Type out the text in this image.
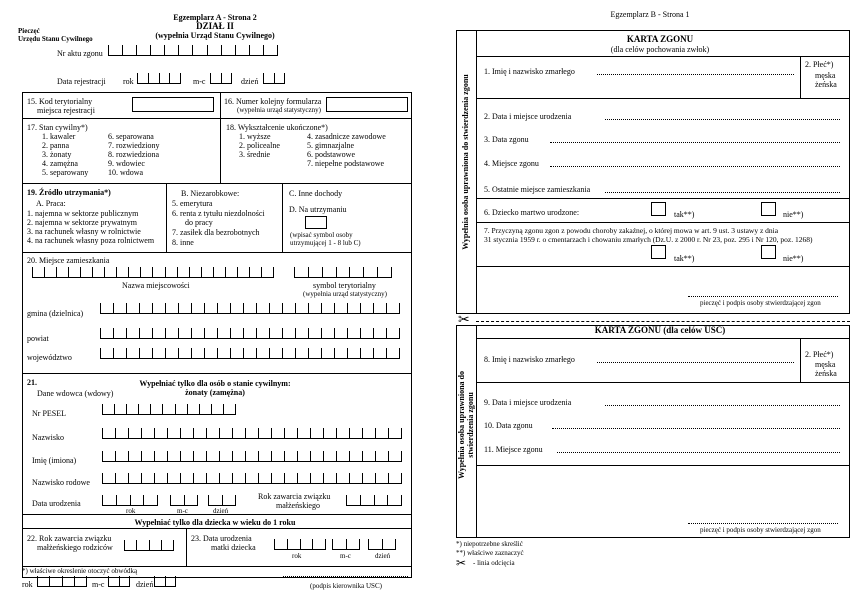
Egzemplarz A - Strona 2
DZIAŁ II
(wypełnia Urząd Stanu Cywilnego)
Pieczęć
Urzędu Stanu Cywilnego
Nr aktu zgonu
Data rejestracji rok	m-c	dzień
15. Kod terytorialny
miejsca rejestracji
16. Numer kolejny formularza
(wypełnia urząd statystyczny)
17. Stan cywilny*)
1. kawaler
2. panna
3. żonaty
4. zamężna
5. separowany
6. separowana
7. rozwiedziony
8. rozwiedziona
9. wdowiec
10. wdowa
18. Wykształcenie ukończone*)
1. wyższe
2. policealne
3. średnie
4. zasadnicze zawodowe
5. gimnazjalne
6. podstawowe
7. niepełne podstawowe
19. Źródło utrzymania*)
A. Praca:
1. najemna w sektorze publicznym
2. najemna w sektorze prywatnym
3. na rachunek własny w rolnictwie
4. na rachunek własny poza rolnictwem
B. Niezarobkowe:
5. emerytura
6. renta z tytułu niezdolności
do pracy
7. zasiłek dla bezrobotnych
8. inne
C. Inne dochody
D. Na utrzymaniu
(wpisać symbol osoby
utrzymującej 1 - 8 lub C)
20. Miejsce zamieszkania
Nazwa miejscowości	symbol terytorialny
(wypełnia urząd statystyczny)
gmina (dzielnica)
powiat
województwo
21.	Wypełniać tylko dla osób o stanie cywilnym:
żonaty (zamężna)
Dane wdowca (wdowy)
Nr PESEL
Nazwisko
Imię (imiona)
Nazwisko rodowe
Data urodzenia
rok	m-c	dzień
Rok zawarcia związku
małżeńskiego
Wypełniać tylko dla dziecka w wieku do 1 roku
22. Rok zawarcia związku
małżeńskiego rodziców
23. Data urodzenia
matki dziecka
rok	m-c	dzień
*) właściwe okreslenie otoczyć obwódką
rok	m-c	dzień	(podpis kierownika USC)
Egzemplarz B - Strona 1
Wypełnia osoba uprawniona do stwierdzenia zgonu
KARTA ZGONU
(dla celów pochowania zwłok)
1. Imię i nazwisko zmarłego
2. Płeć*)
męska
żeńska
2. Data i miejsce urodzenia
3. Data zgonu
4. Miejsce zgonu
5. Ostatnie miejsce zamieszkania
6. Dziecko martwo urodzone:	tak**)	nie**)
7. Przyczyną zgonu zgon z powodu choroby zakaźnej, o której mowa w art. 9 ust. 3 ustawy z dnia
31 stycznia 1959 r. o cmentarzach i chowaniu zmarłych (Dz.U. z 2000 r. Nr 23, poz. 295 i Nr 120, poz. 1268)
tak**)	nie**)
pieczęć i podpis osoby stwierdzającej zgon
✂
Wypełnia osoba uprawniona do stwierdzenia zgonu
KARTA ZGONU (dla celów USC)
8. Imię i nazwisko zmarłego
2. Płeć*)
męska
żeńska
9. Data i miejsce urodzenia
10. Data zgonu
11. Miejsce zgonu
pieczęć i podpis osoby stwierdzającej zgon
*) niepotrzebne skreślić
**) właściwe zaznaczyć
✂ - linia odcięcia
